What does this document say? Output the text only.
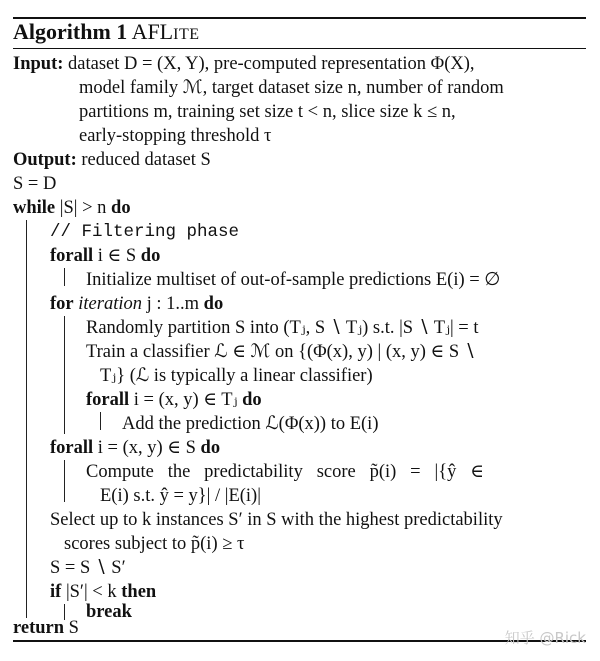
Algorithm 1 AFLITE
Input: dataset D = (X, Y), pre-computed representation Φ(X),
model family ℳ, target dataset size n, number of random
partitions m, training set size t < n, slice size k ≤ n,
early-stopping threshold τ
Output: reduced dataset S
S = D
while |S| > n do
// Filtering phase
forall i ∈ S do
Initialize multiset of out-of-sample predictions E(i) = ∅
for iteration j : 1..m do
Randomly partition S into (Tⱼ, S ∖ Tⱼ) s.t. |S ∖ Tⱼ| = t
Train a classifier ℒ ∈ ℳ on {(Φ(x), y) | (x, y) ∈ S ∖
Tⱼ} (ℒ is typically a linear classifier)
forall i = (x, y) ∈ Tⱼ do
Add the prediction ℒ(Φ(x)) to E(i)
forall i = (x, y) ∈ S do
Compute   the   predictability   score   p̃(i)   =   |{ŷ   ∈
E(i) s.t. ŷ = y}| / |E(i)|
Select up to k instances S′ in S with the highest predictability
scores subject to p̃(i) ≥ τ
S = S ∖ S′
if |S′| < k then
break
return S	知乎 @Rick
